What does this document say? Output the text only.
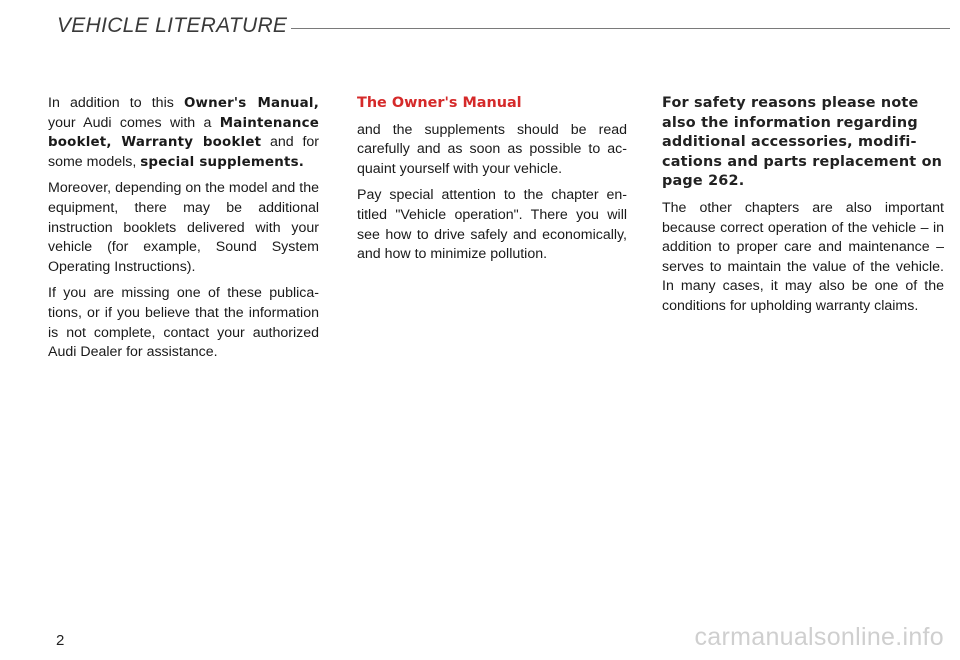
VEHICLE LITERATURE

In addition to this Owner's Manual, your Audi comes with a Maintenance booklet, Warranty booklet and for some models, special supplements.

Moreover, depending on the model and the equipment, there may be additional instruction booklets delivered with your vehicle (for example, Sound System Operating Instructions).

If you are missing one of these publications, or if you believe that the information is not complete, contact your authorized Audi Dealer for assistance.

The Owner's Manual

and the supplements should be read carefully and as soon as possible to acquaint yourself with your vehicle.

Pay special attention to the chapter entitled "Vehicle operation". There you will see how to drive safely and economically, and how to minimize pollution.

For safety reasons please note also the information regarding additional accessories, modifications and parts replacement on page 262.

The other chapters are also important because correct operation of the vehicle – in addition to proper care and maintenance – serves to maintain the value of the vehicle. In many cases, it may also be one of the conditions for upholding warranty claims.

2	carmanualsonline.info
